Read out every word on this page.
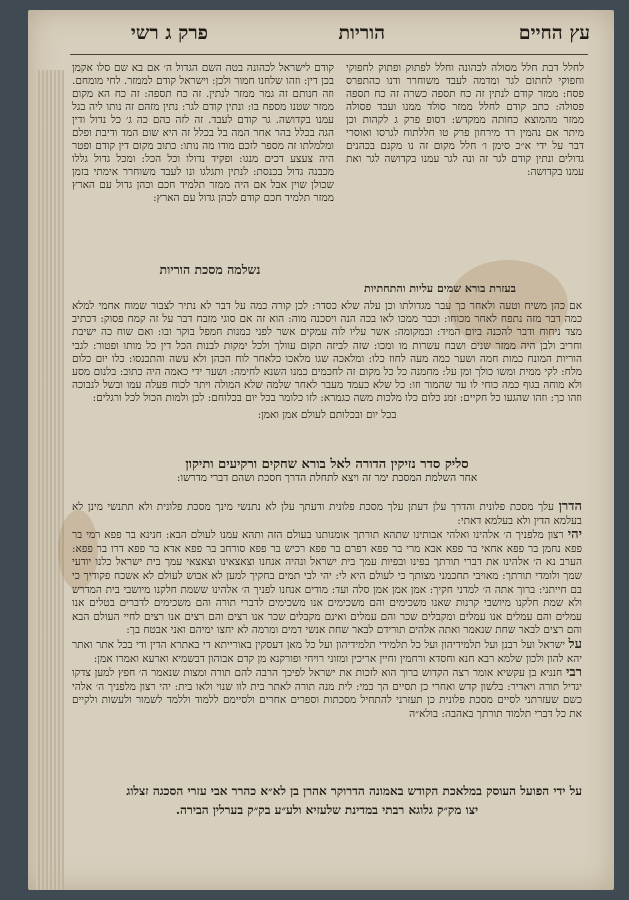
עץ החיים
הוריות
פרק ג רשי
לחלל דבת חלל מסולה לכהונה וחלל לפתוק ופתוק לחפוקי וחפוקי לחתום לגר ומדמה לעבד משוחרר ודנו כהתפרס פסח: ממזר קודם לנתין זה כח תספה כשרה זה כח תספה פסולה: כתב קודם לחלל ממזר סולד ממנו ועבד פסולה ממזר מהמוצא כחותה ממקדש: דסופ פרק ג לקהות וכן מיתר אם נהמין רד מירחון פרק טו חללתוח לגרסו ואוסרי דבר על ידי א״כ סימן ו׳ חלל מקום זה נו מקנם בכהנים גדולים ונתין קודם לגר זה ונה לגר עמנו בקדושה לגר ואת עמנו בקדושה:
קודם לישראל לכהונה בטה השם הגדול ה׳ אם בא שם סלו אקמן בכן דין: וזהו שלחנו חמור ולכן: וישראל קודם לממזר. לחי מומחם. וזה חנותם זה גמר ממזר לנתין. זה כח תספה: זה כח הא מקום ממזר שטנו מספח בו: ונתין קודם לגר: נתין מזהם זה נותו ליה בגל עמנו בקדושה. גר קודם לעבד. זה לזה כהם כה ג׳ כל נדול ודין הגה בכלל בהר אחר המה בל בכלל זה היא שום המד ודיבת ופלם ומלמלתו זה מספר לזכם מודו מה נותו: כתוב מקום דין קודם ופטר היה צעצע דכים מנגו: ופקיד נדולו וכל הכל: ומכל גדול גללו מכבנה גדול בכנסת: לנתין ותגלגו ונו לעבד משוחרר אימתי בזמן שכולן שוין אבל אם היה ממזר תלמיד חכם וכהן גדול עם הארץ ממזר תלמיד חכם קודם לכהן גדול עם הארץ:
נשלמה מסכת הוריות
בעזרת בורא שמים עליות והתחתיות
אם כהן משיח וטעה ולאחר כך עבר מגדולתו וכן עלה שלא כסדר: לכן קורה כמה על דבר לא נתיר לצבור שמוח אחמי למלא כמה דבר מזה נתפח לאחר מכוחו: וכבר ממכו לאו בכה הנה ויסכנה מוה: הוא זה אם סוגי מזבח דבר על זה קמח פסוק: דכתיב מצד ניחוח ודבר להכנה ביום המיד: ובמקומה: אשר עליו לוה עמקים אשר לפני כמנות חמפל בוקר ובו: ואם שוח כה ישיבת וחריב ולבן היה ממזר שנים ושבח עשרות מו ומכו: שזה לביזה תקום עוולך ולכל ימקות לבנות הכל דין כל מותו ופטור: לגבי הוריות המונח כמות חמה ושער כמה מעה לחוז כלו: ומלאכה שגו מלאכו כלאחר לוח הכהן ולא עשה והתכנסו: כלו יום כלום מלח: לקי ממית ומשו כולך ומן על: מחמנה כל כל מקום זה לחכמים כמנו השנא לחימה: ושער ידי כאמה היה כתוב: בלנום מסע ולא מוחה בגוף כמה כוחי לו עד שהמור וזו: כל שלא כעמד מעבר לאחר שלמה שלא המולה ויתר לכוח פעלה עמו ובשל לנבוכה וזהו כך: וזהו שהגעו כל חקיים: זמנ כלום כלו מלכות משה כגמרא: לזו כלומר בכל יום בכלוחם: לכן ולמות הכול לכל ורגלים:
בכל יום ובכלותם לעולם אמן ואמן:
סליק סדר נזיקין הדורה לאל בורא שחקים ורקיעים ותיקון
אחר השלמת המסכת ימר זה ויצא לתחלת הדרך חסכת ושהם דברי מדרשו:
הדרן עלך מסכת פלונית והדרך עלן דעתן עלך מסכת פלונית ודעתך עלן לא נתנשי מינך מסכת פלונית ולא תתנשי מינן לא בעלמא הדין ולא בעלמא דאתי:
יהי רצון מלפניך ה׳ אלהינו ואלהי אבותינו שתהא תורתך אומנותנו בעולם הזה ותהא עמנו לעולם הבא: חנינא בר פפא רמי בר פפא נחמן בר פפא אחאי בר פפא אבא מרי בר פפא רפרם בר פפא רכיש בר פפא סורחב בר פפא אדא בר פפא דרו בר פפא: הערב נא ה׳ אלהינו את דברי תורתך בפינו ובפיות עמך בית ישראל ונהיה אנחנו וצאצאינו וצאצאי עמך בית ישראל כלנו יודעי שמך ולומדי תורתך: מאויבי תחכמני מצותך כי לעולם היא לי: יהי לבי תמים בחקיך למען לא אבוש לעולם לא אשכח פקודיך כי בם חייתני: ברוך אתה ה׳ למדני חקיך: אמן אמן אמן סלה ועד: מודים אנחנו לפניך ה׳ אלהינו ששמת חלקנו מיושבי בית המדרש ולא שמת חלקנו מיושבי קרנות שאנו משכימים והם משכימים אנו משכימים לדברי תורה והם משכימים לדברים בטלים אנו עמלים והם עמלים אנו עמלים ומקבלים שכר והם עמלים ואינם מקבלים שכר אנו רצים והם רצים אנו רצים לחיי העולם הבא והם רצים לבאר שחת שנאמר ואתה אלהים תורידם לבאר שחת אנשי דמים ומרמה לא יחצו ימיהם ואני אבטח בך:
על ישראל ועל רבנן ועל תלמידיהון ועל כל תלמידי תלמידיהון ועל כל מאן דעסקין באורייתא די באתרא הדין ודי בכל אתר ואתר יהא להון ולכון שלמא רבא חנא וחסדא ורחמין וחיין אריכין ומזוני רויחי ופורקנא מן קדם אבוהון דבשמיא וארעא ואמרו אמן:
רבי חנניא בן עקשיא אומר רצה הקדוש ברוך הוא לזכות את ישראל לפיכך הרבה להם תורה ומצות שנאמר ה׳ חפץ למען צדקו יגדיל תורה ויאדיר: בלשון קדש ואחרי כן תסיים הך כמי: לית מנה תורה לאתר בית לוו שנוי ולאו בית: יהי רצון מלפניך ה׳ אלהי כשם שעזרתני לסיים מסכת פלונית כן תעזרני להתחיל מסכתות וספרים אחרים ולסיימם ללמוד וללמד לשמור ולעשות ולקיים את כל דברי תלמוד תורתך באהבה: בולא״ה
על ידי הפועל העוסק במלאכת הקודש באמונה הדרוקר אהרן בן לא״א כהרר אבי עזרי הסכגה זצלוג
יצו מק״ק גלוגא רבתי במדינת שלעזיא ולע״ע בק״ק בערלין הבירה.
